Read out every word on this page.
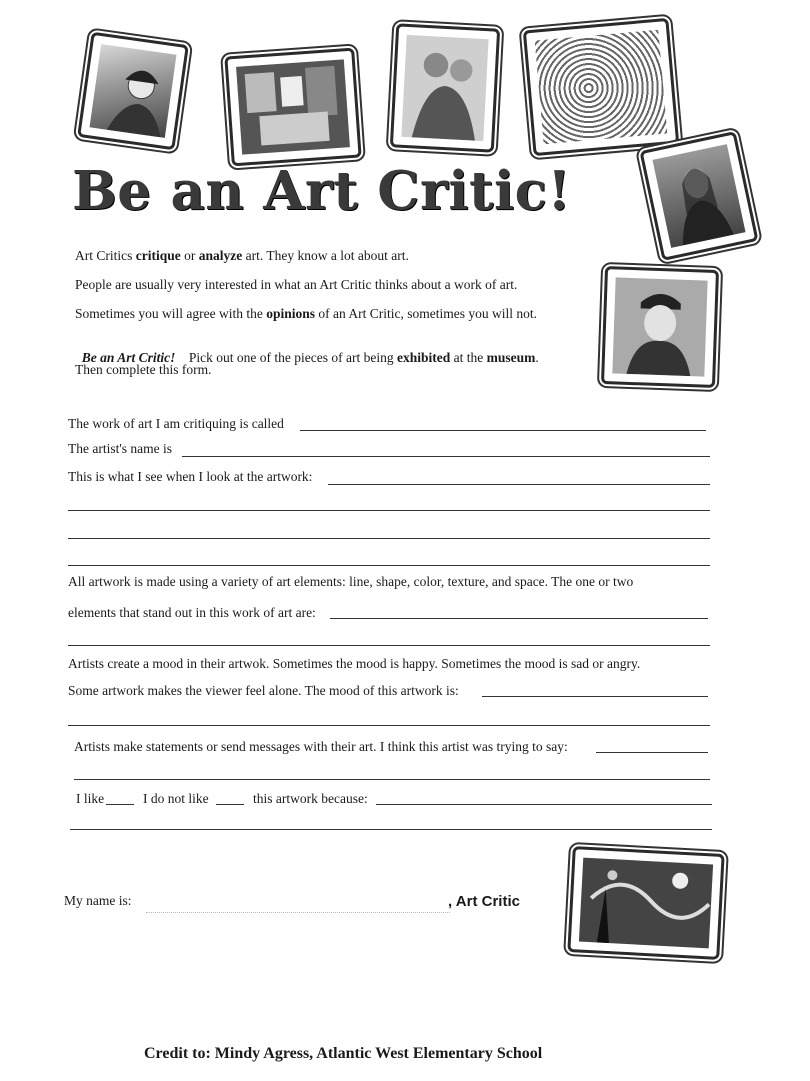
Be an Art Critic!
Art Critics critique or analyze art. They know a lot about art.
People are usually very interested in what an Art Critic thinks about a work of art.
Sometimes you will agree with the opinions of an Art Critic, sometimes you will not.

Be an Art Critic!    Pick out one of the pieces of art being exhibited at the museum.

Then complete this form.
The work of art I am critiquing is called
The artist's name is
This is what I see when I look at the artwork:
All artwork is made using a variety of art elements: line, shape, color, texture, and space. The one or two
elements that stand out in this work of art are:
Artists create a mood in their artwok. Sometimes the mood is happy. Sometimes the mood is sad or angry.
Some artwork makes the viewer feel alone. The mood of this artwork is:
Artists make statements or send messages with their art. I think this artist was trying to say:
I like	I do not like	this artwork because:
My name is:	, Art Critic
Credit to: Mindy Agress, Atlantic West Elementary School
